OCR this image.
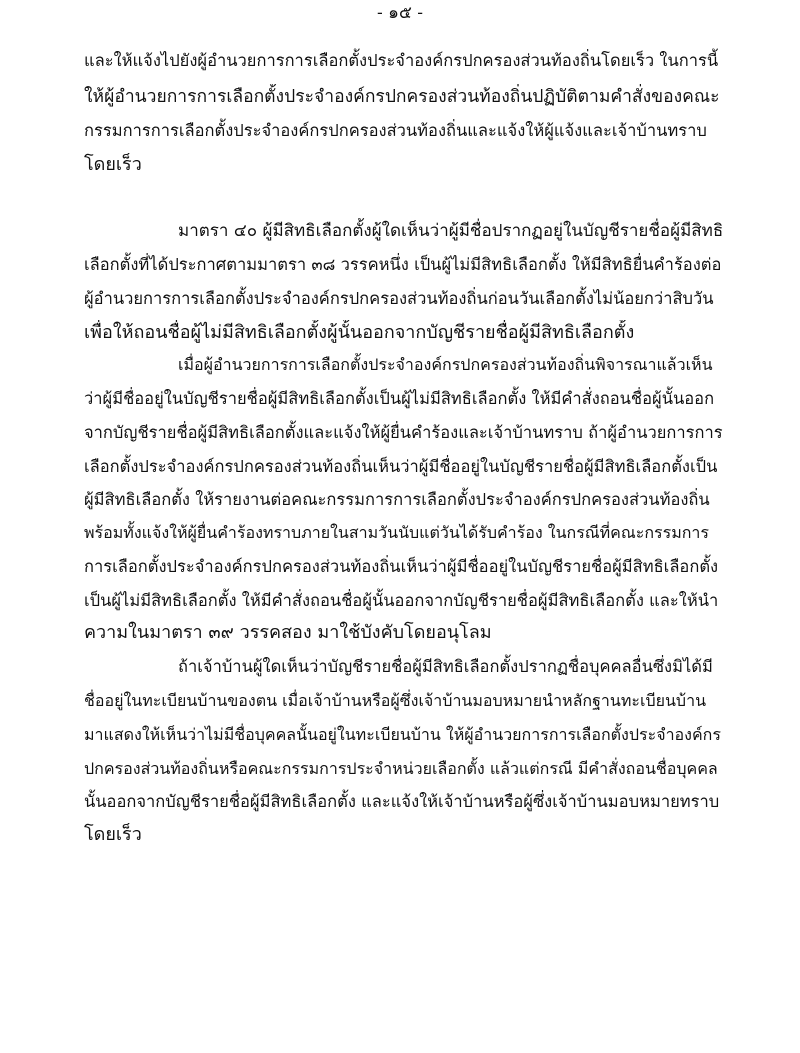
- ๑๕ -
และให้แจ้งไปยังผู้อำนวยการการเลือกตั้งประจำองค์กรปกครองส่วนท้องถิ่นโดยเร็ว ในการนี้
ให้ผู้อำนวยการการเลือกตั้งประจำองค์กรปกครองส่วนท้องถิ่นปฏิบัติตามคำสั่งของคณะ
กรรมการการเลือกตั้งประจำองค์กรปกครองส่วนท้องถิ่นและแจ้งให้ผู้แจ้งและเจ้าบ้านทราบ
โดยเร็ว
มาตรา ๔๐ ผู้มีสิทธิเลือกตั้งผู้ใดเห็นว่าผู้มีชื่อปรากฏอยู่ในบัญชีรายชื่อผู้มีสิทธิ
เลือกตั้งที่ได้ประกาศตามมาตรา ๓๘ วรรคหนึ่ง เป็นผู้ไม่มีสิทธิเลือกตั้ง ให้มีสิทธิยื่นคำร้องต่อ
ผู้อำนวยการการเลือกตั้งประจำองค์กรปกครองส่วนท้องถิ่นก่อนวันเลือกตั้งไม่น้อยกว่าสิบวัน
เพื่อให้ถอนชื่อผู้ไม่มีสิทธิเลือกตั้งผู้นั้นออกจากบัญชีรายชื่อผู้มีสิทธิเลือกตั้ง
เมื่อผู้อำนวยการการเลือกตั้งประจำองค์กรปกครองส่วนท้องถิ่นพิจารณาแล้วเห็น
ว่าผู้มีชื่ออยู่ในบัญชีรายชื่อผู้มีสิทธิเลือกตั้งเป็นผู้ไม่มีสิทธิเลือกตั้ง ให้มีคำสั่งถอนชื่อผู้นั้นออก
จากบัญชีรายชื่อผู้มีสิทธิเลือกตั้งและแจ้งให้ผู้ยื่นคำร้องและเจ้าบ้านทราบ ถ้าผู้อำนวยการการ
เลือกตั้งประจำองค์กรปกครองส่วนท้องถิ่นเห็นว่าผู้มีชื่ออยู่ในบัญชีรายชื่อผู้มีสิทธิเลือกตั้งเป็น
ผู้มีสิทธิเลือกตั้ง ให้รายงานต่อคณะกรรมการการเลือกตั้งประจำองค์กรปกครองส่วนท้องถิ่น
พร้อมทั้งแจ้งให้ผู้ยื่นคำร้องทราบภายในสามวันนับแต่วันได้รับคำร้อง ในกรณีที่คณะกรรมการ
การเลือกตั้งประจำองค์กรปกครองส่วนท้องถิ่นเห็นว่าผู้มีชื่ออยู่ในบัญชีรายชื่อผู้มีสิทธิเลือกตั้ง
เป็นผู้ไม่มีสิทธิเลือกตั้ง ให้มีคำสั่งถอนชื่อผู้นั้นออกจากบัญชีรายชื่อผู้มีสิทธิเลือกตั้ง และให้นำ
ความในมาตรา ๓๙ วรรคสอง มาใช้บังคับโดยอนุโลม
ถ้าเจ้าบ้านผู้ใดเห็นว่าบัญชีรายชื่อผู้มีสิทธิเลือกตั้งปรากฏชื่อบุคคลอื่นซึ่งมิได้มี
ชื่ออยู่ในทะเบียนบ้านของตน เมื่อเจ้าบ้านหรือผู้ซึ่งเจ้าบ้านมอบหมายนำหลักฐานทะเบียนบ้าน
มาแสดงให้เห็นว่าไม่มีชื่อบุคคลนั้นอยู่ในทะเบียนบ้าน ให้ผู้อำนวยการการเลือกตั้งประจำองค์กร
ปกครองส่วนท้องถิ่นหรือคณะกรรมการประจำหน่วยเลือกตั้ง แล้วแต่กรณี มีคำสั่งถอนชื่อบุคคล
นั้นออกจากบัญชีรายชื่อผู้มีสิทธิเลือกตั้ง และแจ้งให้เจ้าบ้านหรือผู้ซึ่งเจ้าบ้านมอบหมายทราบ
โดยเร็ว
